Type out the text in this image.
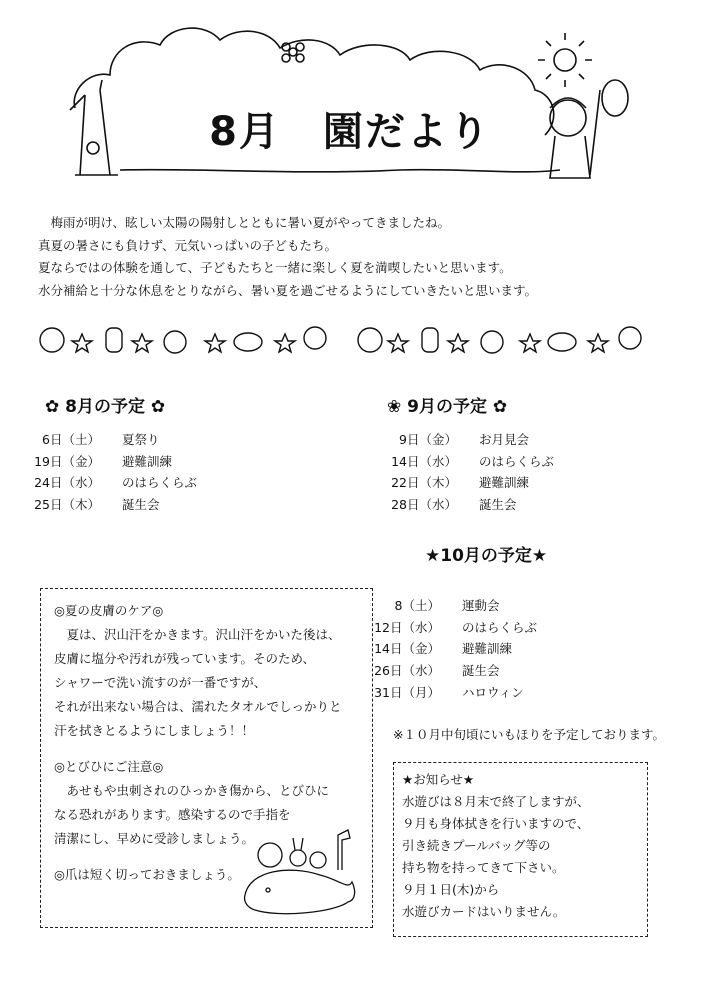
8月　園だより
　梅雨が明け、眩しい太陽の陽射しとともに暑い夏がやってきましたね。
真夏の暑さにも負けず、元気いっぱいの子どもたち。
夏ならではの体験を通して、子どもたちと一緒に楽しく夏を満喫したいと思います。
水分補給と十分な休息をとりながら、暑い夏を過ごせるようにしていきたいと思います。
✿ 8月の予定 ✿
6日（土）	夏祭り
19日（金）	避難訓練
24日（水）	のはらくらぶ
25日（木）	誕生会
❀ 9月の予定 ✿
9日（金）	お月見会
14日（水）	のはらくらぶ
22日（木）	避難訓練
28日（水）	誕生会
★10月の予定★
8（土）	運動会
12日（水）	のはらくらぶ
14日（金）	避難訓練
26日（水）	誕生会
31日（月）	ハロウィン
※１０月中旬頃にいもほりを予定しております。
◎夏の皮膚のケア◎
　夏は、沢山汗をかきます。沢山汗をかいた後は、
皮膚に塩分や汚れが残っています。そのため、
シャワーで洗い流すのが一番ですが、
それが出来ない場合は、濡れたタオルでしっかりと
汗を拭きとるようにしましょう！！
◎とびひにご注意◎
　あせもや虫刺されのひっかき傷から、とびひに
なる恐れがあります。感染するので手指を
清潔にし、早めに受診しましょう。
◎爪は短く切っておきましょう。
★お知らせ★
水遊びは８月末で終了しますが、
９月も身体拭きを行いますので、
引き続きプールバッグ等の
持ち物を持ってきて下さい。
９月１日(木)から
水遊びカードはいりません。
